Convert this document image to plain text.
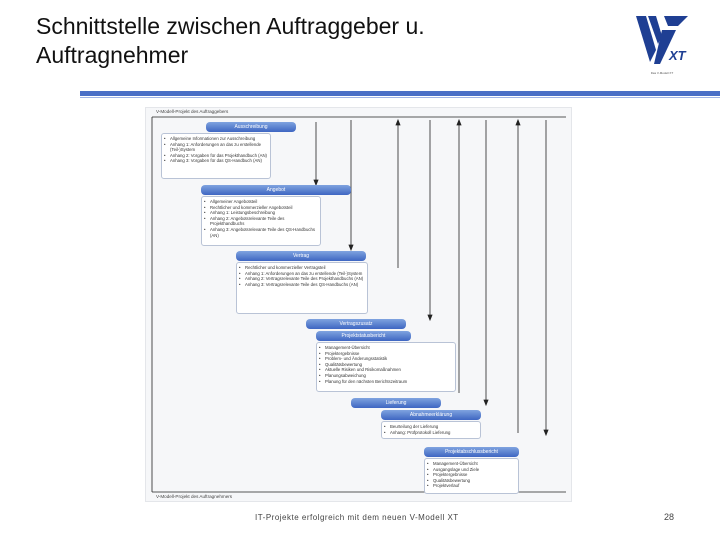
Schnittstelle zwischen Auftraggeber u.
Auftragnehmer	XT
Das V-Modell XT
V-Modell-Projekt des Auftraggebers
V-Modell-Projekt des Auftragnehmers
Ausschreibung
• Allgemeine Informationen zur Ausschreibung
• Anhang 1: Anforderungen an das zu erstellende (Teil-)System
• Anhang 2: Vorgaben für das Projekthandbuch (AN)
• Anhang 3: Vorgaben für das QS-Handbuch (AN)
Angebot
• Allgemeiner Angebotsteil
• Rechtlicher und kommerzieller Angebotsteil
• Anhang 1: Leistungsbeschreibung
• Anhang 2: Angebotsrelevante Teile des Projekthandbuchs
• Anhang 3: Angebotsrelevante Teile des QS-Handbuchs (AN)
Vertrag
• Rechtlicher und kommerzieller Vertragsteil
• Anhang 1: Anforderungen an das zu erstellende (Teil-)System
• Anhang 2: Vertragsrelevante Teile des Projekthandbuchs (AN)
• Anhang 3: Vertragsrelevante Teile des QS-Handbuchs (AN)
Vertragszusatz
Projektstatusbericht
• Management-Übersicht
• Projektergebnisse
• Problem- und Änderungsstatistik
• Qualitätsbewertung
• Aktuelle Risiken und Risikomaßnahmen
• Planungsabweichung
• Planung für den nächsten Berichtszeitraum
Lieferung
Abnahmeerklärung
• Beurteilung der Lieferung
• Anhang: Prüfprotokoll Lieferung
Projektabschlussbericht
• Management-Übersicht
• Ausgangslage und Ziele
• Projektergebnisse
• Qualitätsbewertung
• Projektverlauf
IT-Projekte erfolgreich mit dem neuen V-Modell XT	28
